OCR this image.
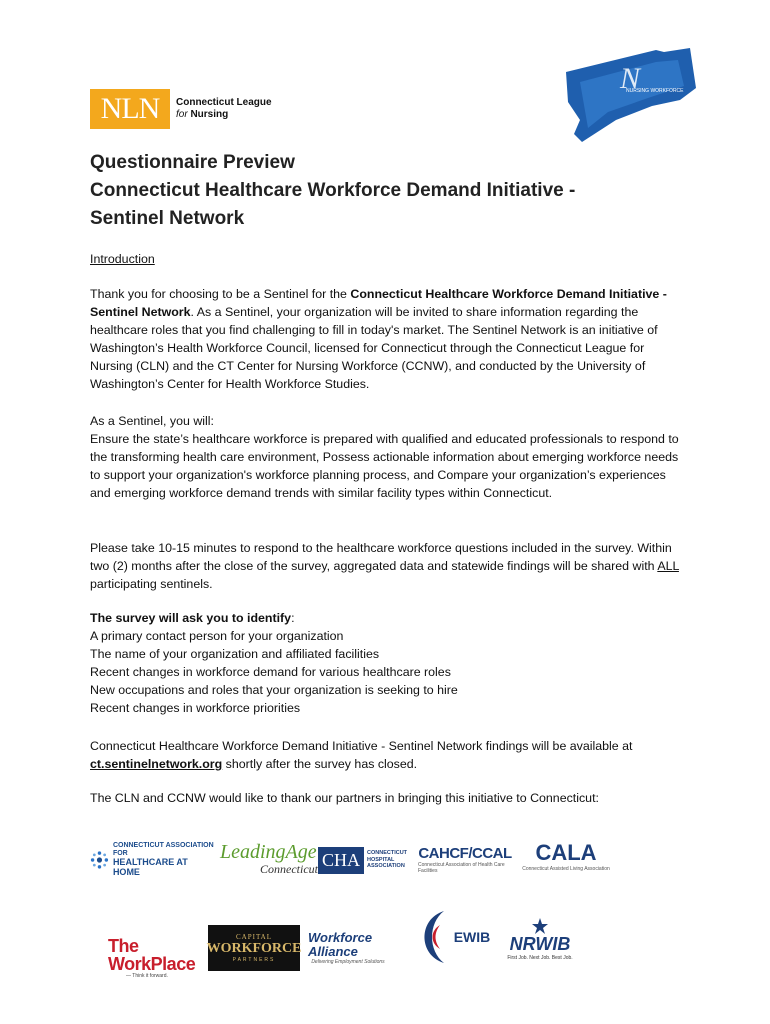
NLN	Connecticut League
for Nursing
N
NURSING WORKFORCE
Questionnaire Preview
Connecticut Healthcare Workforce Demand Initiative -
Sentinel Network
Introduction
Thank you for choosing to be a Sentinel for the Connecticut Healthcare Workforce Demand Initiative - Sentinel Network. As a Sentinel, your organization will be invited to share information regarding the healthcare roles that you find challenging to fill in today's market. The Sentinel Network is an initiative of Washington’s Health Workforce Council, licensed for Connecticut through the Connecticut League for Nursing (CLN) and the CT Center for Nursing Workforce (CCNW), and conducted by the University of Washington’s Center for Health Workforce Studies.
As a Sentinel, you will:
Ensure the state’s healthcare workforce is prepared with qualified and educated professionals to respond to the transforming health care environment, Possess actionable information about emerging workforce needs to support your organization's workforce planning process, and Compare your organization’s experiences and emerging workforce demand trends with similar facility types within Connecticut.
Please take 10-15 minutes to respond to the healthcare workforce questions included in the survey. Within two (2) months after the close of the survey, aggregated data and statewide findings will be shared with ALL participating sentinels.
The survey will ask you to identify:
A primary contact person for your organization
The name of your organization and affiliated facilities
Recent changes in workforce demand for various healthcare roles
New occupations and roles that your organization is seeking to hire
Recent changes in workforce priorities
Connecticut Healthcare Workforce Demand Initiative - Sentinel Network findings will be available at ct.sentinelnetwork.org shortly after the survey has closed.
The CLN and CCNW would like to thank our partners in bringing this initiative to Connecticut:
CONNECTICUT ASSOCIATION FOR
HEALTHCARE AT HOME
LeadingAge
Connecticut CHA	CONNECTICUT HOSPITAL ASSOCIATION
CAHCF/CCAL
Connecticut Association of Health Care Facilities
CALA
Connecticut Assisted Living Association
The WorkPlace
— Think it forward.
CAPITAL
WORKFORCE
PARTNERS
Workforce Alliance
Delivering Employment Solutions
EWIB NRWIB
First Job. Next Job. Best Job.
